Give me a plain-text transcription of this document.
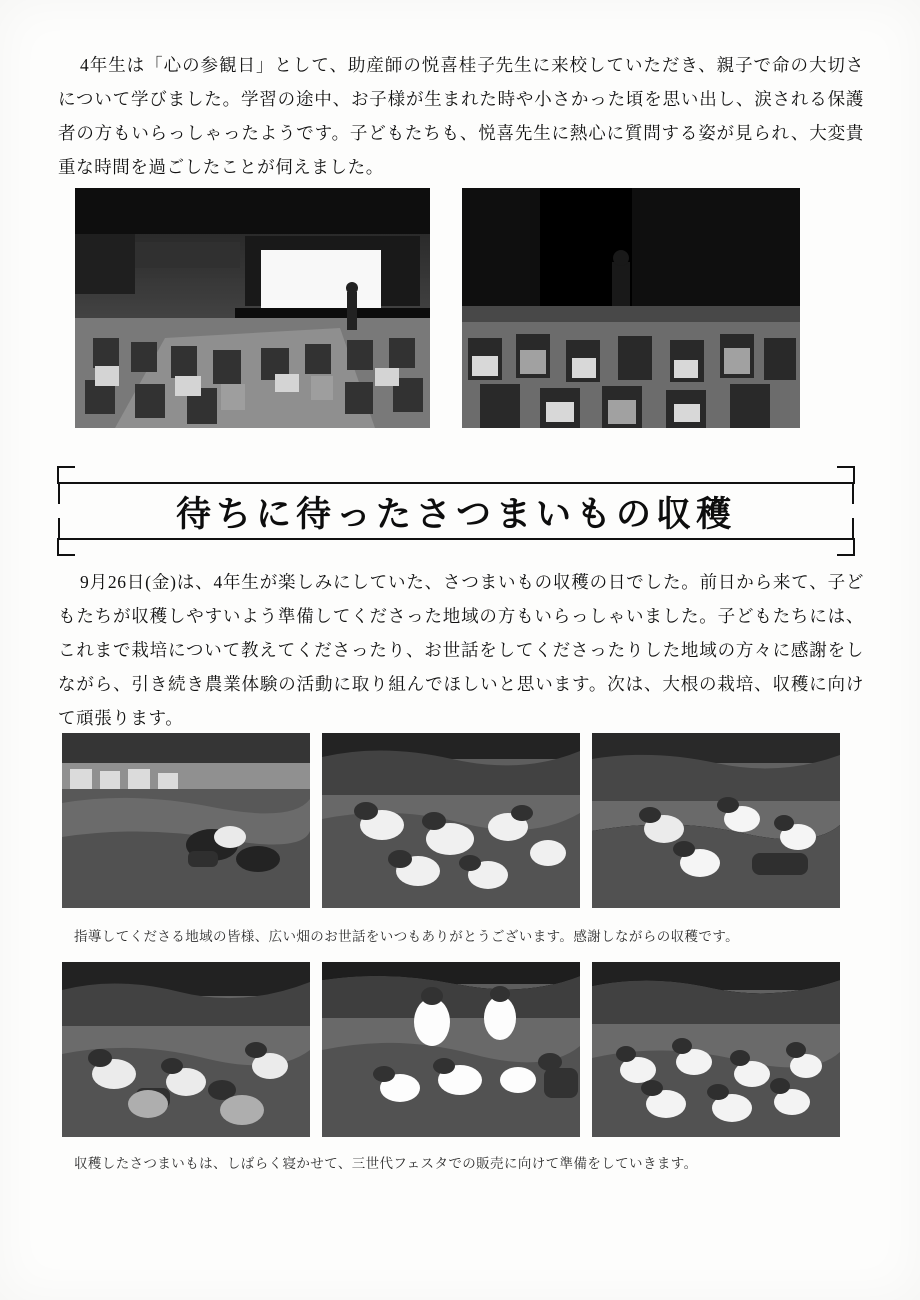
4年生は「心の参観日」として、助産師の悦喜桂子先生に来校していただき、親子で命の大切さについて学びました。学習の途中、お子様が生まれた時や小さかった頃を思い出し、涙される保護者の方もいらっしゃったようです。子どもたちも、悦喜先生に熱心に質問する姿が見られ、大変貴重な時間を過ごしたことが伺えました。
待ちに待ったさつまいもの収穫
9月26日(金)は、4年生が楽しみにしていた、さつまいもの収穫の日でした。前日から来て、子どもたちが収穫しやすいよう準備してくださった地域の方もいらっしゃいました。子どもたちには、これまで栽培について教えてくださったり、お世話をしてくださったりした地域の方々に感謝をしながら、引き続き農業体験の活動に取り組んでほしいと思います。次は、大根の栽培、収穫に向けて頑張ります。
指導してくださる地域の皆様、広い畑のお世話をいつもありがとうございます。感謝しながらの収穫です。
収穫したさつまいもは、しばらく寝かせて、三世代フェスタでの販売に向けて準備をしていきます。
